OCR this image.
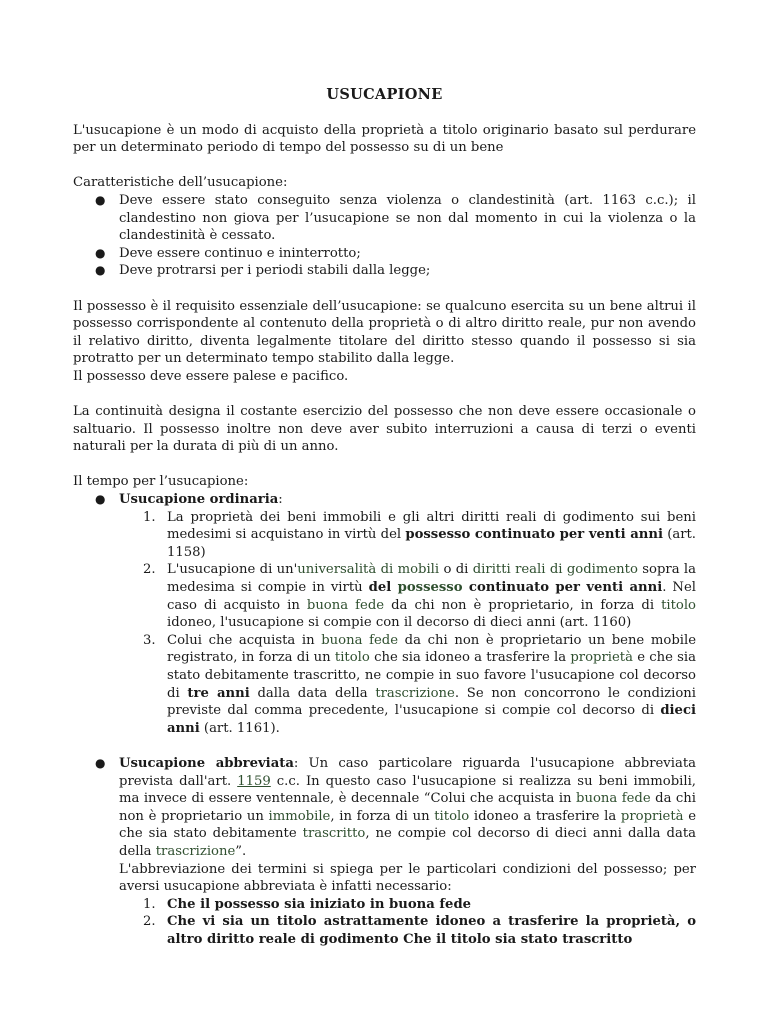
USUCAPIONE

L'usucapione è un modo di acquisto della proprietà a titolo originario basato sul perdurare per un determinato periodo di tempo del possesso su di un bene

Caratteristiche dell’usucapione:

● Deve essere stato conseguito senza violenza o clandestinità (art. 1163 c.c.); il clandestino non giova per l’usucapione se non dal momento in cui la violenza o la clandestinità è cessato.
● Deve essere continuo e ininterrotto;
● Deve protrarsi per i periodi stabili dalla legge;

Il possesso è il requisito essenziale dell’usucapione: se qualcuno esercita su un bene altrui il possesso corrispondente al contenuto della proprietà o di altro diritto reale, pur non avendo il relativo diritto, diventa legalmente titolare del diritto stesso quando il possesso si sia protratto per un determinato tempo stabilito dalla legge.

Il possesso deve essere palese e pacifico.

La continuità designa il costante esercizio del possesso che non deve essere occasionale o saltuario. Il possesso inoltre non deve aver subito interruzioni a causa di terzi o eventi naturali per la durata di più di un anno.

Il tempo per l’usucapione:

● Usucapione ordinaria:
1. La proprietà dei beni immobili e gli altri diritti reali di godimento sui beni medesimi si acquistano in virtù del possesso continuato per venti anni (art. 1158)
2. L'usucapione di un'universalità di mobili o di diritti reali di godimento sopra la medesima si compie in virtù del possesso continuato per venti anni. Nel caso di acquisto in buona fede da chi non è proprietario, in forza di titolo idoneo, l'usucapione si compie con il decorso di dieci anni (art. 1160)
3. Colui che acquista in buona fede da chi non è proprietario un bene mobile registrato, in forza di un titolo che sia idoneo a trasferire la proprietà e che sia stato debitamente trascritto, ne compie in suo favore l'usucapione col decorso di tre anni dalla data della trascrizione. Se non concorrono le condizioni previste dal comma precedente, l'usucapione si compie col decorso di dieci anni (art. 1161).
● Usucapione abbreviata: Un caso particolare riguarda l'usucapione abbreviata prevista dall'art. 1159 c.c. In questo caso l'usucapione si realizza su beni immobili, ma invece di essere ventennale, è decennale “Colui che acquista in buona fede da chi non è proprietario un immobile, in forza di un titolo idoneo a trasferire la proprietà e che sia stato debitamente trascritto, ne compie col decorso di dieci anni dalla data della trascrizione”.

L'abbreviazione dei termini si spiega per le particolari condizioni del possesso; per aversi usucapione abbreviata è infatti necessario:

1. Che il possesso sia iniziato in buona fede
2. Che vi sia un titolo astrattamente idoneo a trasferire la proprietà, o altro diritto reale di godimento Che il titolo sia stato trascritto
